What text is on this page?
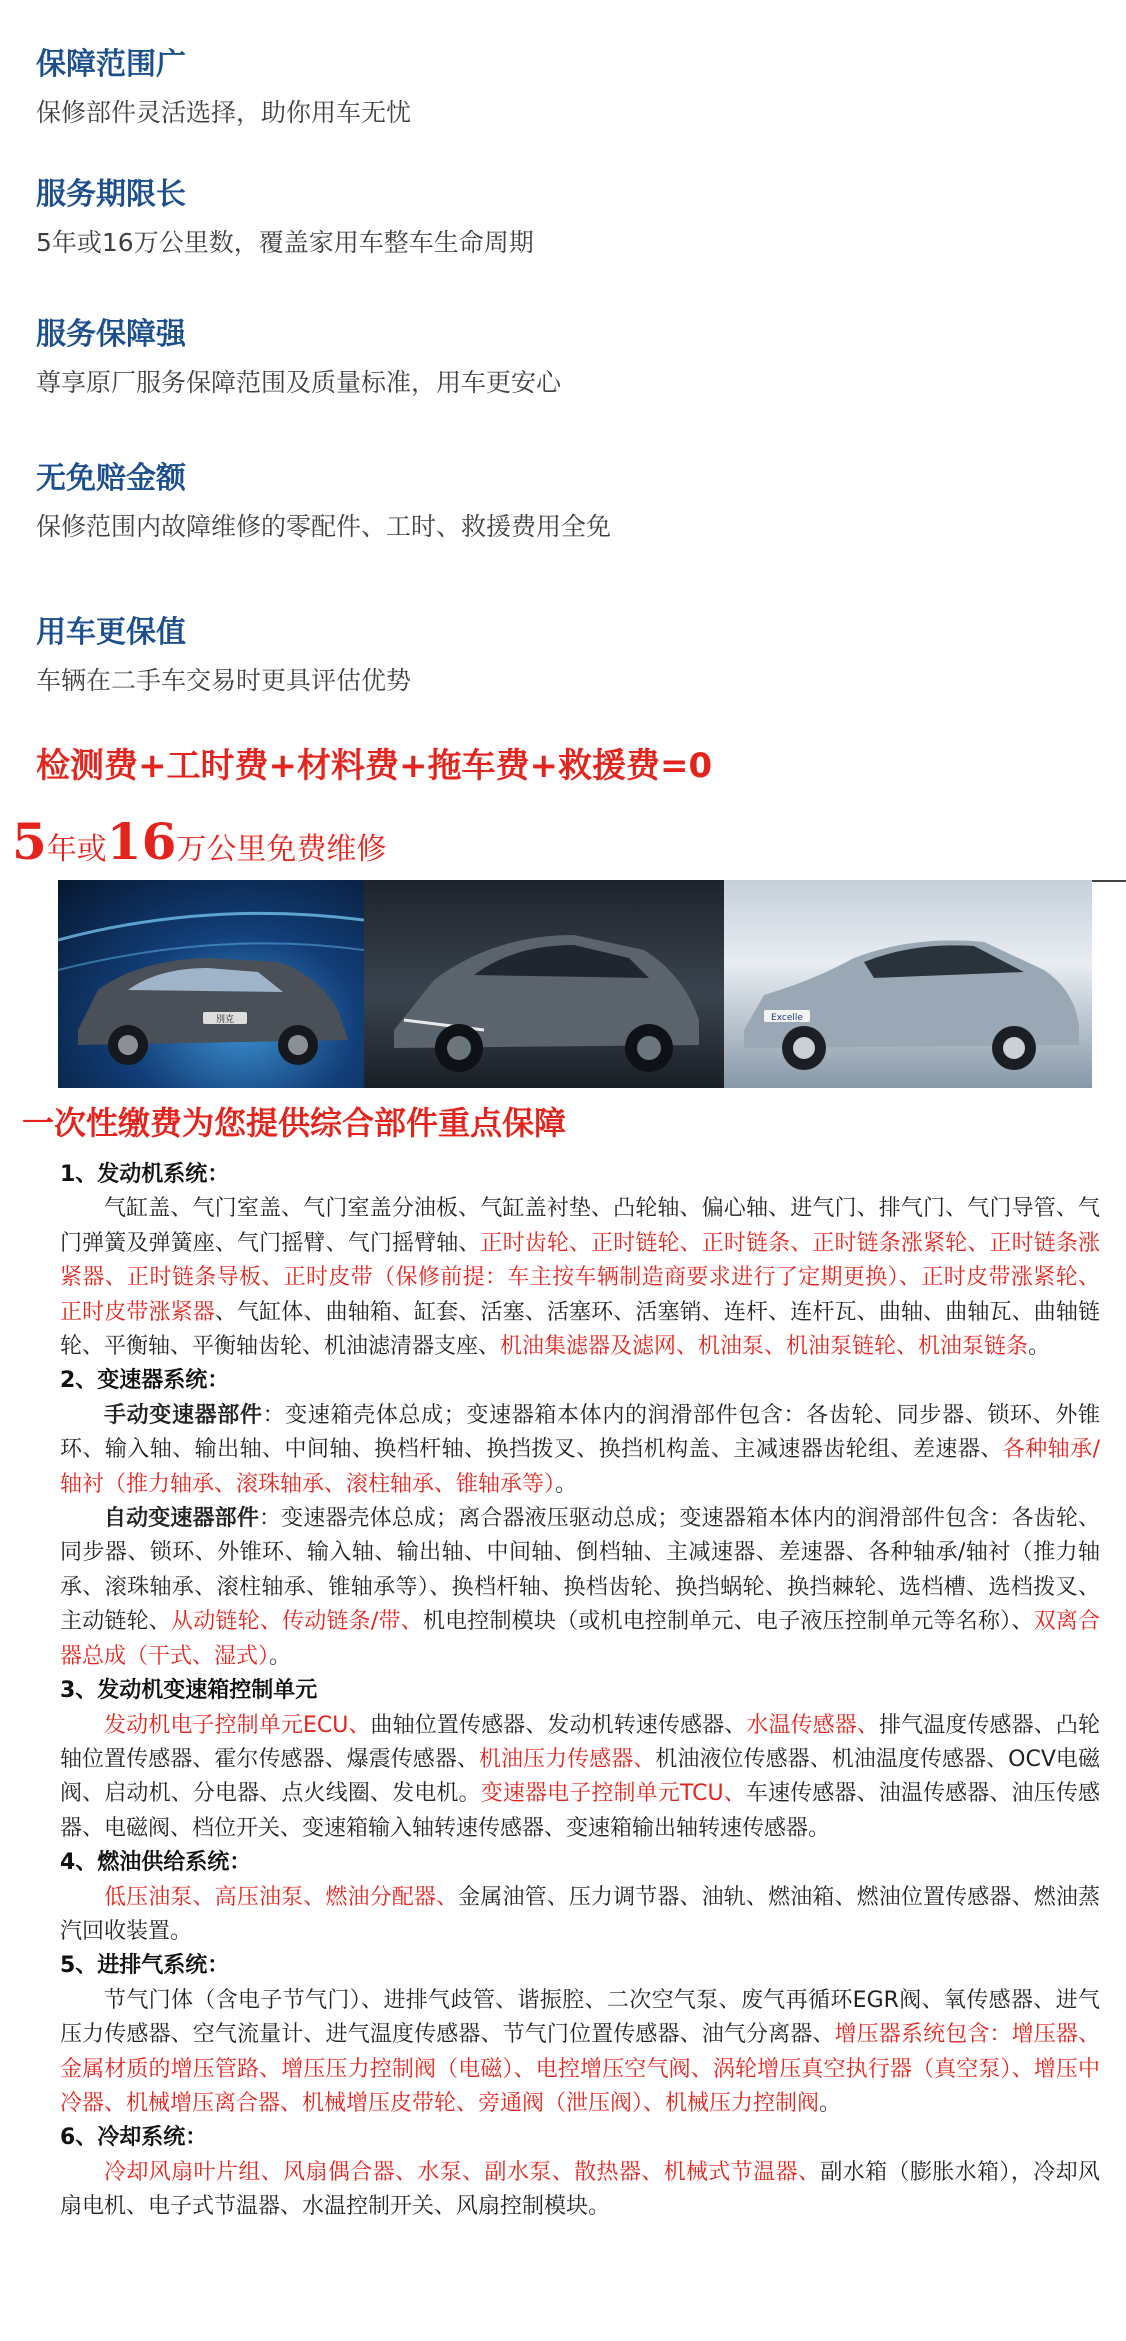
保障范围广
保修部件灵活选择，助你用车无忧
服务期限长
5年或16万公里数，覆盖家用车整车生命周期
服务保障强
尊享原厂服务保障范围及质量标准，用车更安心
无免赔金额
保修范围内故障维修的零配件、工时、救援费用全免
用车更保值
车辆在二手车交易时更具评估优势
检测费+工时费+材料费+拖车费+救援费=0
5年或16万公里免费维修
別克	Excelle
一次性缴费为您提供综合部件重点保障

1、发动机系统：

气缸盖、气门室盖、气门室盖分油板、气缸盖衬垫、凸轮轴、偏心轴、进气门、排气门、气门导管、气门弹簧及弹簧座、气门摇臂、气门摇臂轴、正时齿轮、正时链轮、正时链条、正时链条涨紧轮、正时链条涨紧器、正时链条导板、正时皮带（保修前提：车主按车辆制造商要求进行了定期更换）、正时皮带涨紧轮、正时皮带涨紧器、气缸体、曲轴箱、缸套、活塞、活塞环、活塞销、连杆、连杆瓦、曲轴、曲轴瓦、曲轴链轮、平衡轴、平衡轴齿轮、机油滤清器支座、机油集滤器及滤网、机油泵、机油泵链轮、机油泵链条。

2、变速器系统：

手动变速器部件：变速箱壳体总成；变速器箱本体内的润滑部件包含：各齿轮、同步器、锁环、外锥环、输入轴、输出轴、中间轴、换档杆轴、换挡拨叉、换挡机构盖、主减速器齿轮组、差速器、各种轴承/轴衬（推力轴承、滚珠轴承、滚柱轴承、锥轴承等）。

自动变速器部件：变速器壳体总成；离合器液压驱动总成；变速器箱本体内的润滑部件包含：各齿轮、同步器、锁环、外锥环、输入轴、输出轴、中间轴、倒档轴、主减速器、差速器、各种轴承/轴衬（推力轴承、滚珠轴承、滚柱轴承、锥轴承等）、换档杆轴、换档齿轮、换挡蜗轮、换挡棘轮、选档槽、选档拨叉、主动链轮、从动链轮、传动链条/带、机电控制模块（或机电控制单元、电子液压控制单元等名称）、双离合器总成（干式、湿式）。

3、发动机变速箱控制单元

发动机电子控制单元ECU、曲轴位置传感器、发动机转速传感器、水温传感器、排气温度传感器、凸轮轴位置传感器、霍尔传感器、爆震传感器、机油压力传感器、机油液位传感器、机油温度传感器、OCV电磁阀、启动机、分电器、点火线圈、发电机。变速器电子控制单元TCU、车速传感器、油温传感器、油压传感器、电磁阀、档位开关、变速箱输入轴转速传感器、变速箱输出轴转速传感器。

4、燃油供给系统：

低压油泵、高压油泵、燃油分配器、金属油管、压力调节器、油轨、燃油箱、燃油位置传感器、燃油蒸汽回收装置。

5、进排气系统：

节气门体（含电子节气门）、进排气歧管、谐振腔、二次空气泵、废气再循环EGR阀、氧传感器、进气压力传感器、空气流量计、进气温度传感器、节气门位置传感器、油气分离器、增压器系统包含：增压器、金属材质的增压管路、增压压力控制阀（电磁）、电控增压空气阀、涡轮增压真空执行器（真空泵）、增压中冷器、机械增压离合器、机械增压皮带轮、旁通阀（泄压阀）、机械压力控制阀。

6、冷却系统：

冷却风扇叶片组、风扇偶合器、水泵、副水泵、散热器、机械式节温器、副水箱（膨胀水箱），冷却风扇电机、电子式节温器、水温控制开关、风扇控制模块。
